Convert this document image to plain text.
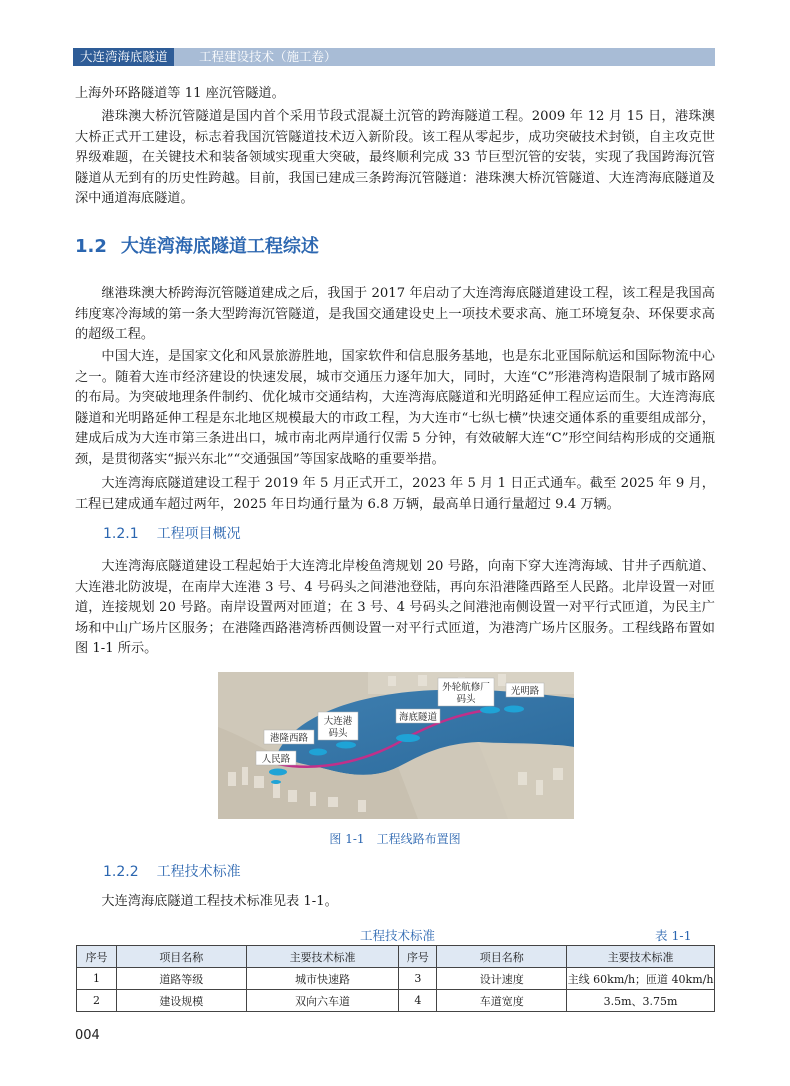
大连湾海底隧道	工程建设技术（施工卷）

上海外环路隧道等 11 座沉管隧道。

港珠澳大桥沉管隧道是国内首个采用节段式混凝土沉管的跨海隧道工程。2009 年 12 月 15 日，港珠澳大桥正式开工建设，标志着我国沉管隧道技术迈入新阶段。该工程从零起步，成功突破技术封锁，自主攻克世界级难题，在关键技术和装备领域实现重大突破，最终顺利完成 33 节巨型沉管的安装，实现了我国跨海沉管隧道从无到有的历史性跨越。目前，我国已建成三条跨海沉管隧道：港珠澳大桥沉管隧道、大连湾海底隧道及深中通道海底隧道。

1.2 大连湾海底隧道工程综述

继港珠澳大桥跨海沉管隧道建成之后，我国于 2017 年启动了大连湾海底隧道建设工程，该工程是我国高纬度寒冷海域的第一条大型跨海沉管隧道，是我国交通建设史上一项技术要求高、施工环境复杂、环保要求高的超级工程。

中国大连，是国家文化和风景旅游胜地，国家软件和信息服务基地，也是东北亚国际航运和国际物流中心之一。随着大连市经济建设的快速发展，城市交通压力逐年加大，同时，大连“C”形港湾构造限制了城市路网的布局。为突破地理条件制约、优化城市交通结构，大连湾海底隧道和光明路延伸工程应运而生。大连湾海底隧道和光明路延伸工程是东北地区规模最大的市政工程，为大连市“七纵七横”快速交通体系的重要组成部分，建成后成为大连市第三条进出口，城市南北两岸通行仅需 5 分钟，有效破解大连“C”形空间结构形成的交通瓶颈，是贯彻落实“振兴东北”“交通强国”等国家战略的重要举措。

大连湾海底隧道建设工程于 2019 年 5 月正式开工，2023 年 5 月 1 日正式通车。截至 2025 年 9 月，工程已建成通车超过两年，2025 年日均通行量为 6.8 万辆，最高单日通行量超过 9.4 万辆。

1.2.1 工程项目概况

大连湾海底隧道建设工程起始于大连湾北岸梭鱼湾规划 20 号路，向南下穿大连湾海域、甘井子西航道、大连港北防波堤，在南岸大连港 3 号、4 号码头之间港池登陆，再向东沿港隆西路至人民路。北岸设置一对匝道，连接规划 20 号路。南岸设置两对匝道；在 3 号、4 号码头之间港池南侧设置一对平行式匝道，为民主广场和中山广场片区服务；在港隆西路港湾桥西侧设置一对平行式匝道，为港湾广场片区服务。工程线路布置如图 1-1 所示。

人民路
港隆西路
大连港
码头
海底隧道
外轮航修厂
码头
光明路
图 1-1 工程线路布置图
1.2.2 工程技术标准

大连湾海底隧道工程技术标准见表 1-1。

工程技术标准	表 1-1
序号	项目名称	主要技术标准	序号	项目名称	主要技术标准
1	道路等级	城市快速路	3	设计速度	主线 60km/h；匝道 40km/h
2	建设规模	双向六车道	4	车道宽度	3.5m、3.75m
004
